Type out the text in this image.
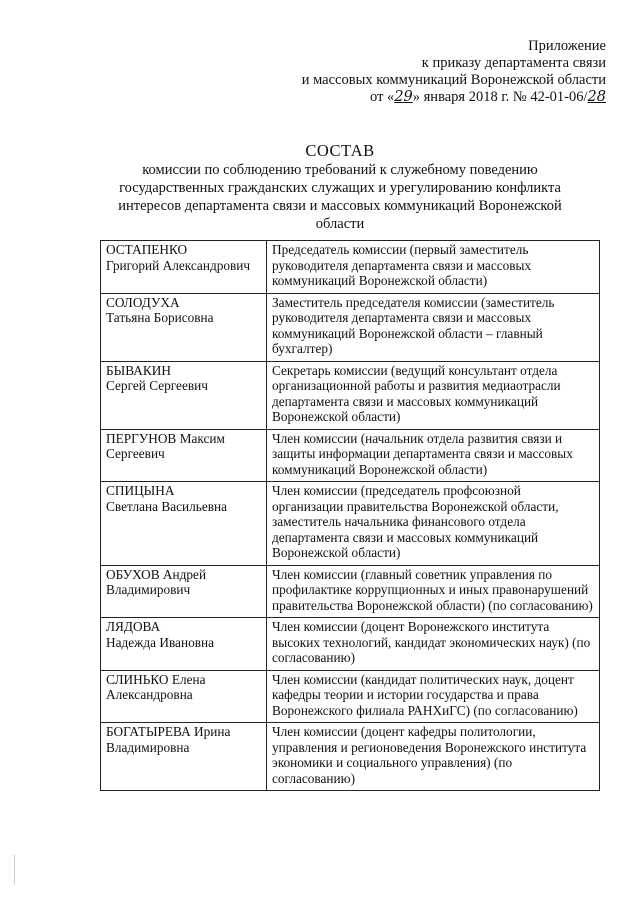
Приложение
к приказу департамента связи
и массовых коммуникаций Воронежской области
от «29» января 2018 г. № 42-01-06/28
СОСТАВ
комиссии по соблюдению требований к служебному поведению
государственных гражданских служащих и урегулированию конфликта
интересов департамента связи и массовых коммуникаций Воронежской
области
ОСТАПЕНКО
Григорий Александрович	Председатель комиссии (первый заместитель руководителя департамента связи и массовых коммуникаций Воронежской области)

СОЛОДУХА
Татьяна Борисовна	Заместитель председателя комиссии (заместитель руководителя департамента связи и массовых коммуникаций Воронежской области – главный бухгалтер)

БЫВАКИН
Сергей Сергеевич	Секретарь комиссии (ведущий консультант отдела организационной работы и развития медиаотрасли департамента связи и массовых коммуникаций Воронежской области)

ПЕРГУНОВ Максим
Сергеевич	Член комиссии (начальник отдела развития связи и защиты информации департамента связи и массовых коммуникаций Воронежской области)

СПИЦЫНА
Светлана Васильевна	Член комиссии (председатель профсоюзной организации правительства Воронежской области, заместитель начальника финансового отдела департамента связи и массовых коммуникаций Воронежской области)

ОБУХОВ Андрей
Владимирович	Член комиссии (главный советник управления по профилактике коррупционных и иных правонарушений правительства Воронежской области) (по согласованию)

ЛЯДОВА
Надежда Ивановна	Член комиссии (доцент Воронежского института высоких технологий, кандидат экономических наук) (по согласованию)

СЛИНЬКО Елена
Александровна	Член комиссии (кандидат политических наук, доцент кафедры теории и истории государства и права Воронежского филиала РАНХиГС) (по согласованию)

БОГАТЫРЕВА Ирина
Владимировна	Член комиссии (доцент кафедры политологии, управления и регионоведения Воронежского института экономики и социального управления) (по согласованию)
